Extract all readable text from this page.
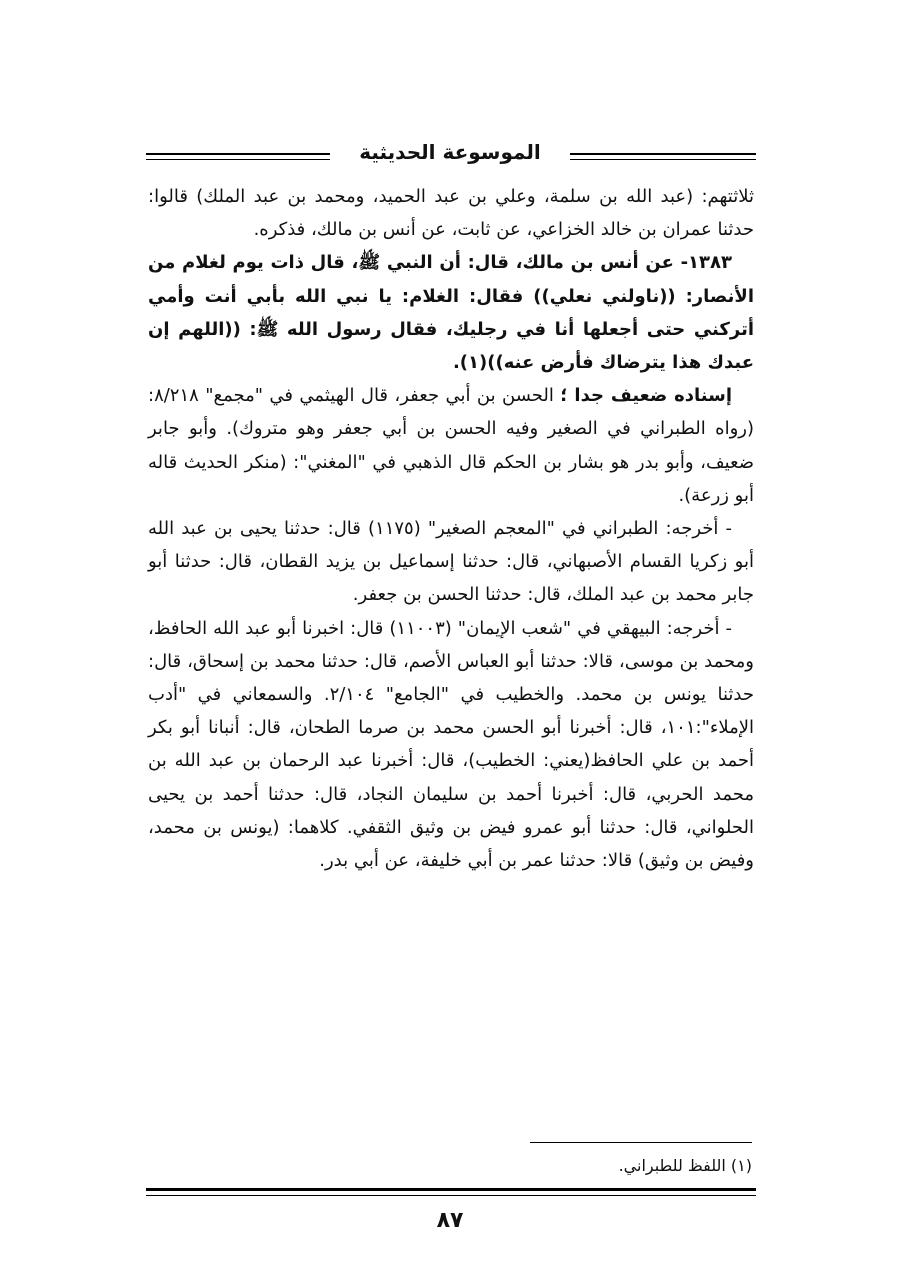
الموسوعة الحديثية

ثلاثتهم: (عبد الله بن سلمة، وعلي بن عبد الحميد، ومحمد بن عبد الملك) قالوا: حدثنا عمران بن خالد الخزاعي، عن ثابت، عن أنس بن مالك، فذكره.

١٣٨٣- عن أنس بن مالك، قال: أن النبي ﷺ، قال ذات يوم لغلام من الأنصار: ((ناولني نعلي)) فقال: الغلام: يا نبي الله بأبي أنت وأمي أتركني حتى أجعلها أنا في رجليك، فقال رسول الله ﷺ: ((اللهم إن عبدك هذا يترضاك فأرض عنه))(١).

إسناده ضعيف جدا ؛ الحسن بن أبي جعفر، قال الهيثمي في "مجمع" ٨/٢١٨: (رواه الطبراني في الصغير وفيه الحسن بن أبي جعفر وهو متروك). وأبو جابر ضعيف، وأبو بدر هو بشار بن الحكم قال الذهبي في "المغني": (منكر الحديث قاله أبو زرعة).

- أخرجه: الطبراني في "المعجم الصغير" (١١٧٥) قال: حدثنا يحيى بن عبد الله أبو زكريا القسام الأصبهاني، قال: حدثنا إسماعيل بن يزيد القطان، قال: حدثنا أبو جابر محمد بن عبد الملك، قال: حدثنا الحسن بن جعفر.

- أخرجه: البيهقي في "شعب الإيمان" (١١٠٠٣) قال: اخبرنا أبو عبد الله الحافظ، ومحمد بن موسى، قالا: حدثنا أبو العباس الأصم، قال: حدثنا محمد بن إسحاق، قال: حدثنا يونس بن محمد. والخطيب في "الجامع" ٢/١٠٤. والسمعاني في "أدب الإملاء":١٠١، قال: أخبرنا أبو الحسن محمد بن صرما الطحان، قال: أنبانا أبو بكر أحمد بن علي الحافظ(يعني: الخطيب)، قال: أخبرنا عبد الرحمان بن عبد الله بن محمد الحربي، قال: أخبرنا أحمد بن سليمان النجاد، قال: حدثنا أحمد بن يحيى الحلواني، قال: حدثنا أبو عمرو فيض بن وثيق الثقفي. كلاهما: (يونس بن محمد، وفيض بن وثيق) قالا: حدثنا عمر بن أبي خليفة، عن أبي بدر.

(١) اللفظ للطبراني.
٨٧
